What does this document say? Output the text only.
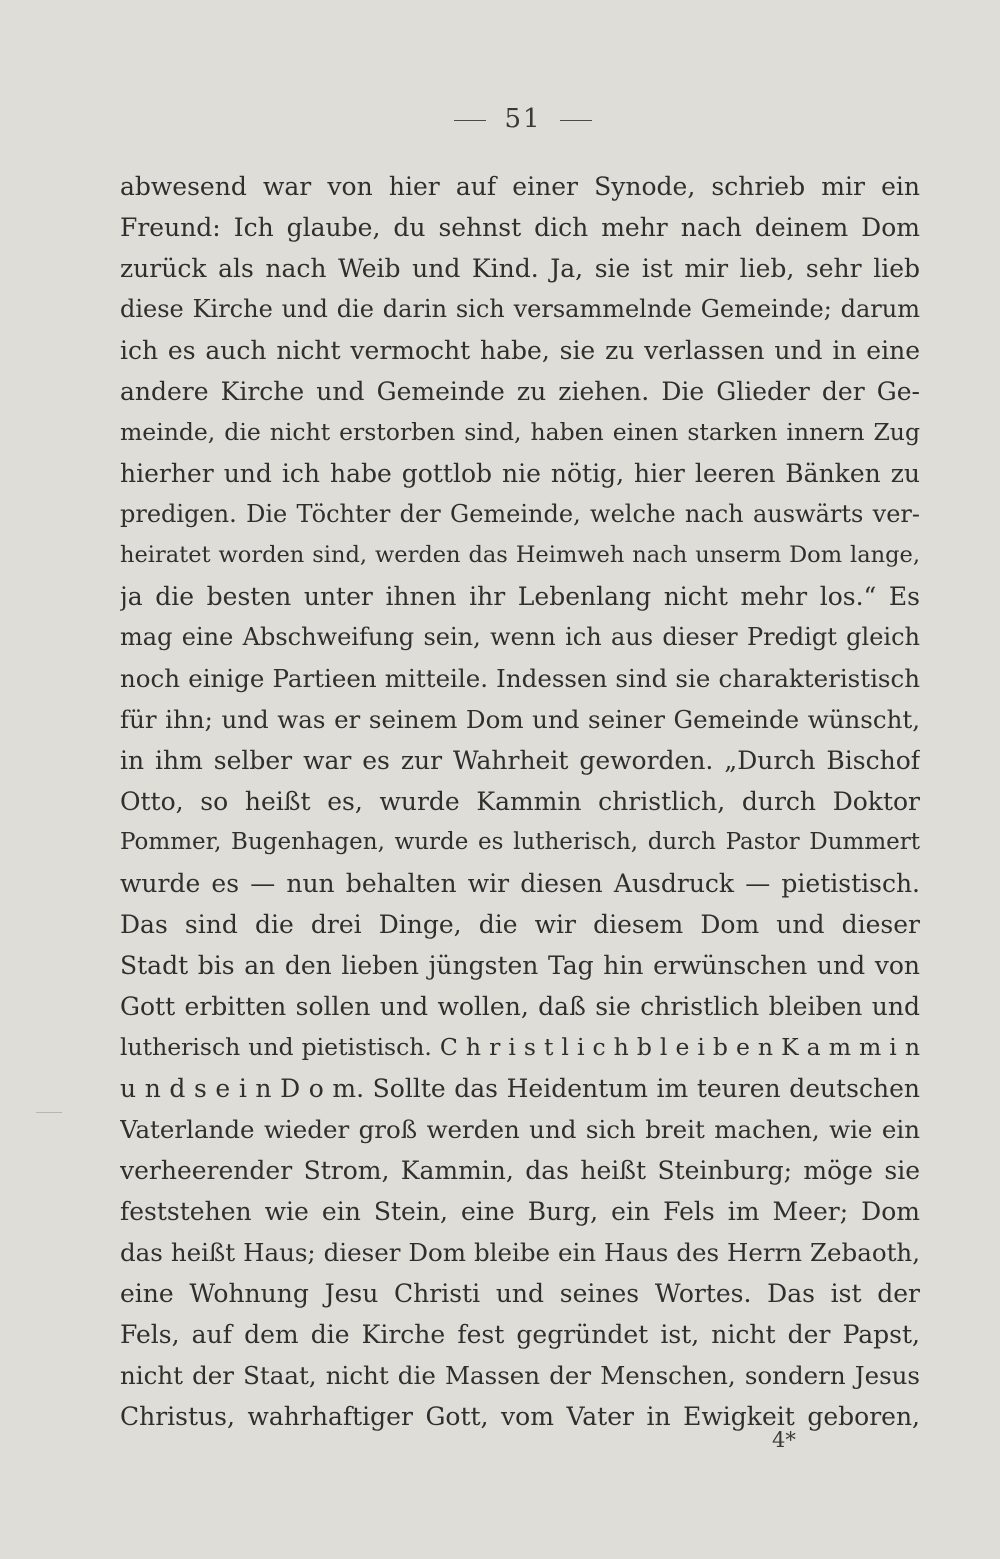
51
abwesend war von hier auf einer Synode, schrieb mir ein
Freund: Ich glaube, du sehnst dich mehr nach deinem Dom
zurück als nach Weib und Kind. Ja, sie ist mir lieb, sehr lieb
diese Kirche und die darin sich versammelnde Gemeinde; darum
ich es auch nicht vermocht habe, sie zu verlassen und in eine
andere Kirche und Gemeinde zu ziehen. Die Glieder der Ge-
meinde, die nicht erstorben sind, haben einen starken innern Zug
hierher und ich habe gottlob nie nötig, hier leeren Bänken zu
predigen. Die Töchter der Gemeinde, welche nach auswärts ver-
heiratet worden sind, werden das Heimweh nach unserm Dom lange,
ja die besten unter ihnen ihr Lebenlang nicht mehr los.“ Es
mag eine Abschweifung sein, wenn ich aus dieser Predigt gleich
noch einige Partieen mitteile. Indessen sind sie charakteristisch
für ihn; und was er seinem Dom und seiner Gemeinde wünscht,
in ihm selber war es zur Wahrheit geworden. „Durch Bischof
Otto, so heißt es, wurde Kammin christlich, durch Doktor
Pommer, Bugenhagen, wurde es lutherisch, durch Pastor Dummert
wurde es — nun behalten wir diesen Ausdruck — pietistisch.
Das sind die drei Dinge, die wir diesem Dom und dieser
Stadt bis an den lieben jüngsten Tag hin erwünschen und von
Gott erbitten sollen und wollen, daß sie christlich bleiben und
lutherisch und pietistisch. C h r i s t l i c h b l e i b e n K a m m i n
u n d s e i n D o m. Sollte das Heidentum im teuren deutschen
Vaterlande wieder groß werden und sich breit machen, wie ein
verheerender Strom, Kammin, das heißt Steinburg; möge sie
feststehen wie ein Stein, eine Burg, ein Fels im Meer; Dom
das heißt Haus; dieser Dom bleibe ein Haus des Herrn Zebaoth,
eine Wohnung Jesu Christi und seines Wortes. Das ist der
Fels, auf dem die Kirche fest gegründet ist, nicht der Papst,
nicht der Staat, nicht die Massen der Menschen, sondern Jesus
Christus, wahrhaftiger Gott, vom Vater in Ewigkeit geboren,
4*
